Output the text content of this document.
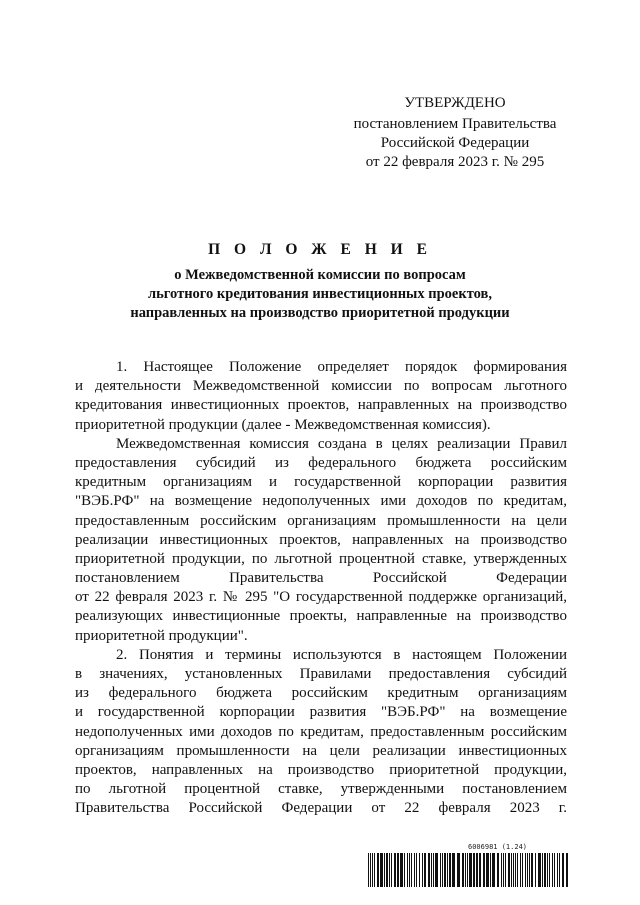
УТВЕРЖДЕНО
постановлением Правительства
Российской Федерации
от 22 февраля 2023 г. № 295
П О Л О Ж Е Н И Е
о Межведомственной комиссии по вопросам
льготного кредитования инвестиционных проектов,
направленных на производство приоритетной продукции
1. Настоящее Положение определяет порядок формирования
и деятельности Межведомственной комиссии по вопросам льготного
кредитования инвестиционных проектов, направленных на производство
приоритетной продукции (далее - Межведомственная комиссия).
Межведомственная комиссия создана в целях реализации Правил
предоставления субсидий из федерального бюджета российским
кредитным организациям и государственной корпорации развития
"ВЭБ.РФ" на возмещение недополученных ими доходов по кредитам,
предоставленным российским организациям промышленности на цели
реализации инвестиционных проектов, направленных на производство
приоритетной продукции, по льготной процентной ставке, утвержденных
постановлением Правительства Российской Федерации
от 22 февраля 2023 г. № 295 "О государственной поддержке организаций,
реализующих инвестиционные проекты, направленные на производство
приоритетной продукции".
2. Понятия и термины используются в настоящем Положении
в значениях, установленных Правилами предоставления субсидий
из федерального бюджета российским кредитным организациям
и государственной корпорации развития "ВЭБ.РФ" на возмещение
недополученных ими доходов по кредитам, предоставленным российским
организациям промышленности на цели реализации инвестиционных
проектов, направленных на производство приоритетной продукции,
по льготной процентной ставке, утвержденными постановлением
Правительства Российской Федерации от 22 февраля 2023 г.
6006981 (1.24)
